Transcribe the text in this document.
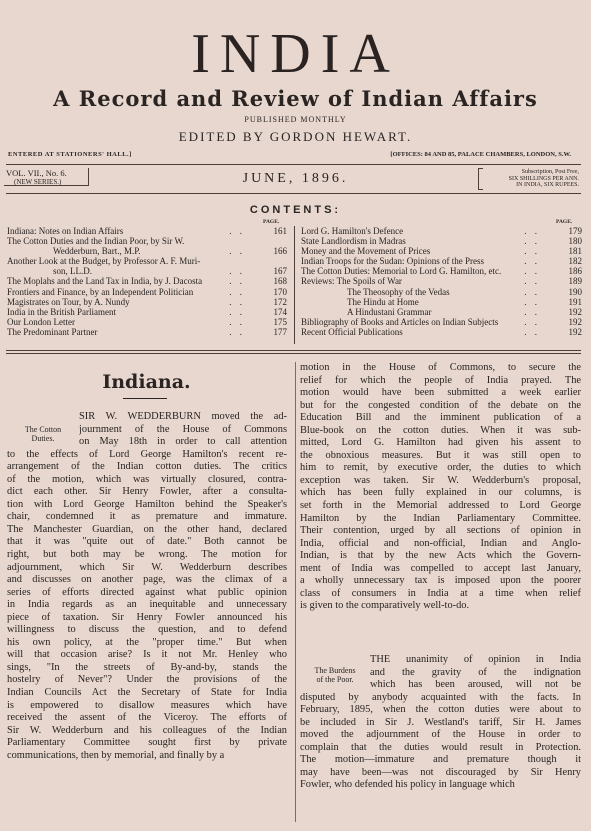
INDIA
A Record and Review of Indian Affairs
PUBLISHED MONTHLY
EDITED BY GORDON HEWART.
ENTERED AT STATIONERS' HALL.]	[OFFICES: 84 AND 85, PALACE CHAMBERS, LONDON, S.W.
VOL. VII., No. 6.
(NEW SERIES.)	JUNE, 1896.	Subscription, Post Free,
SIX SHILLINGS PER ANN.
IN INDIA, SIX RUPEES.
CONTENTS:
PAGE.	PAGE.
Indiana: Notes on Indian Affairs	. .	161
The Cotton Duties and the Indian Poor, by Sir W.
Wedderburn, Bart., M.P.	. .	166
Another Look at the Budget, by Professor A. F. Muri-
son, LL.D.	. .	167
The Moplahs and the Land Tax in India, by J. Dacosta	. .	168
Frontiers and Finance, by an Independent Politician	. .	170
Magistrates on Tour, by A. Nundy	. .	172
India in the British Parliament	. .	174
Our London Letter	. .	175
The Predominant Partner	. .	177
Lord G. Hamilton's Defence	. .	179
State Landlordism in Madras	. .	180
Money and the Movement of Prices	. .	181
Indian Troops for the Sudan: Opinions of the Press	. .	182
The Cotton Duties: Memorial to Lord G. Hamilton, etc.	. .	186
Reviews: The Spoils of War	. .	189
The Theosophy of the Vedas	. .	190
The Hindu at Home	. .	191
A Hindustani Grammar	. .	192
Bibliography of Books and Articles on Indian Subjects	. .	192
Recent Official Publications	. .	192
Indiana.
The Cotton
Duties.
SIR W. WEDDERBURN moved the ad-
journment of the House of Commons
on May 18th in order to call attention
to the effects of Lord George Hamilton's recent re-
arrangement of the Indian cotton duties. The critics
of the motion, which was virtually closured, contra-
dict each other. Sir Henry Fowler, after a consulta-
tion with Lord George Hamilton behind the Speaker's
chair, condemned it as premature and immature.
The Manchester Guardian, on the other hand, declared
that it was "quite out of date." Both cannot be
right, but both may be wrong. The motion for
adjournment, which Sir W. Wedderburn describes
and discusses on another page, was the climax of a
series of efforts directed against what public opinion
in India regards as an inequitable and unnecessary
piece of taxation. Sir Henry Fowler announced his
willingness to discuss the question, and to defend
his own policy, at the "proper time." But when
will that occasion arise? Is it not Mr. Henley who
sings, "In the streets of By-and-by, stands the
hostelry of Never"? Under the provisions of the
Indian Councils Act the Secretary of State for India
is empowered to disallow measures which have
received the assent of the Viceroy. The efforts of
Sir W. Wedderburn and his colleagues of the Indian
Parliamentary Committee sought first by private
communications, then by memorial, and finally by a
motion in the House of Commons, to secure the
relief for which the people of India prayed. The
motion would have been submitted a week earlier
but for the congested condition of the debate on the
Education Bill and the imminent publication of a
Blue-book on the cotton duties. When it was sub-
mitted, Lord G. Hamilton had given his assent to
the obnoxious measures. But it was still open to
him to remit, by executive order, the duties to which
exception was taken. Sir W. Wedderburn's proposal,
which has been fully explained in our columns, is
set forth in the Memorial addressed to Lord George
Hamilton by the Indian Parliamentary Committee.
Their contention, urged by all sections of opinion in
India, official and non-official, Indian and Anglo-
Indian, is that by the new Acts which the Govern-
ment of India was compelled to accept last January,
a wholly unnecessary tax is imposed upon the poorer
class of consumers in India at a time when relief
is given to the comparatively well-to-do.
The Burdens
of the Poor.
THE unanimity of opinion in India
and the gravity of the indignation
which has been aroused, will not be
disputed by anybody acquainted with the facts. In
February, 1895, when the cotton duties were about to
be included in Sir J. Westland's tariff, Sir H. James
moved the adjournment of the House in order to
complain that the duties would result in Protection.
The motion—immature and premature though it
may have been—was not discouraged by Sir Henry
Fowler, who defended his policy in language which
